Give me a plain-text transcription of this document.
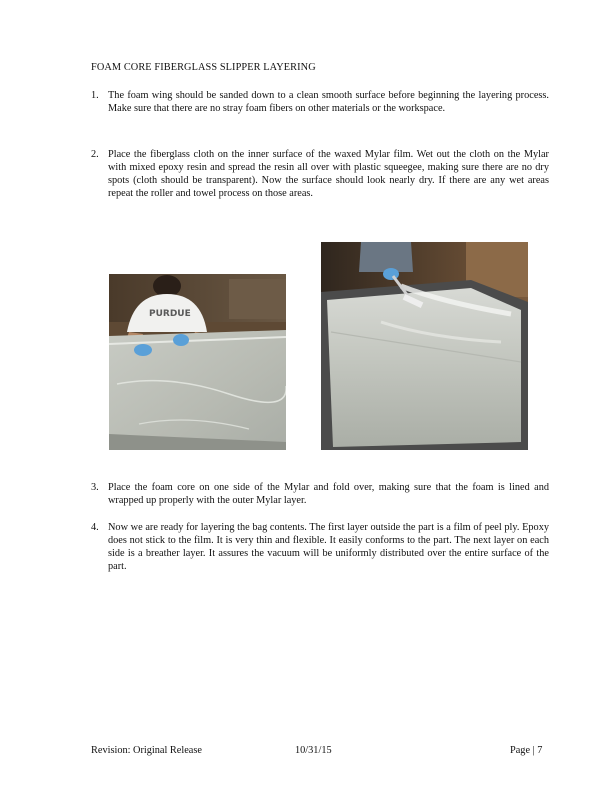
FOAM CORE FIBERGLASS SLIPPER LAYERING
1. The foam wing should be sanded down to a clean smooth surface before beginning the layering process. Make sure that there are no stray foam fibers on other materials or the workspace.
2. Place the fiberglass cloth on the inner surface of the waxed Mylar film. Wet out the cloth on the Mylar with mixed epoxy resin and spread the resin all over with plastic squeegee, making sure there are no dry spots (cloth should be transparent). Now the surface should look nearly dry. If there are any wet areas repeat the roller and towel process on those areas.
PURDUE
3. Place the foam core on one side of the Mylar and fold over, making sure that the foam is lined and wrapped up properly with the outer Mylar layer.
4. Now we are ready for layering the bag contents. The first layer outside the part is a film of peel ply. Epoxy does not stick to the film. It is very thin and flexible. It easily conforms to the part. The next layer on each side is a breather layer. It assures the vacuum will be uniformly distributed over the entire surface of the part.
Revision: Original Release	10/31/15	Page | 7
